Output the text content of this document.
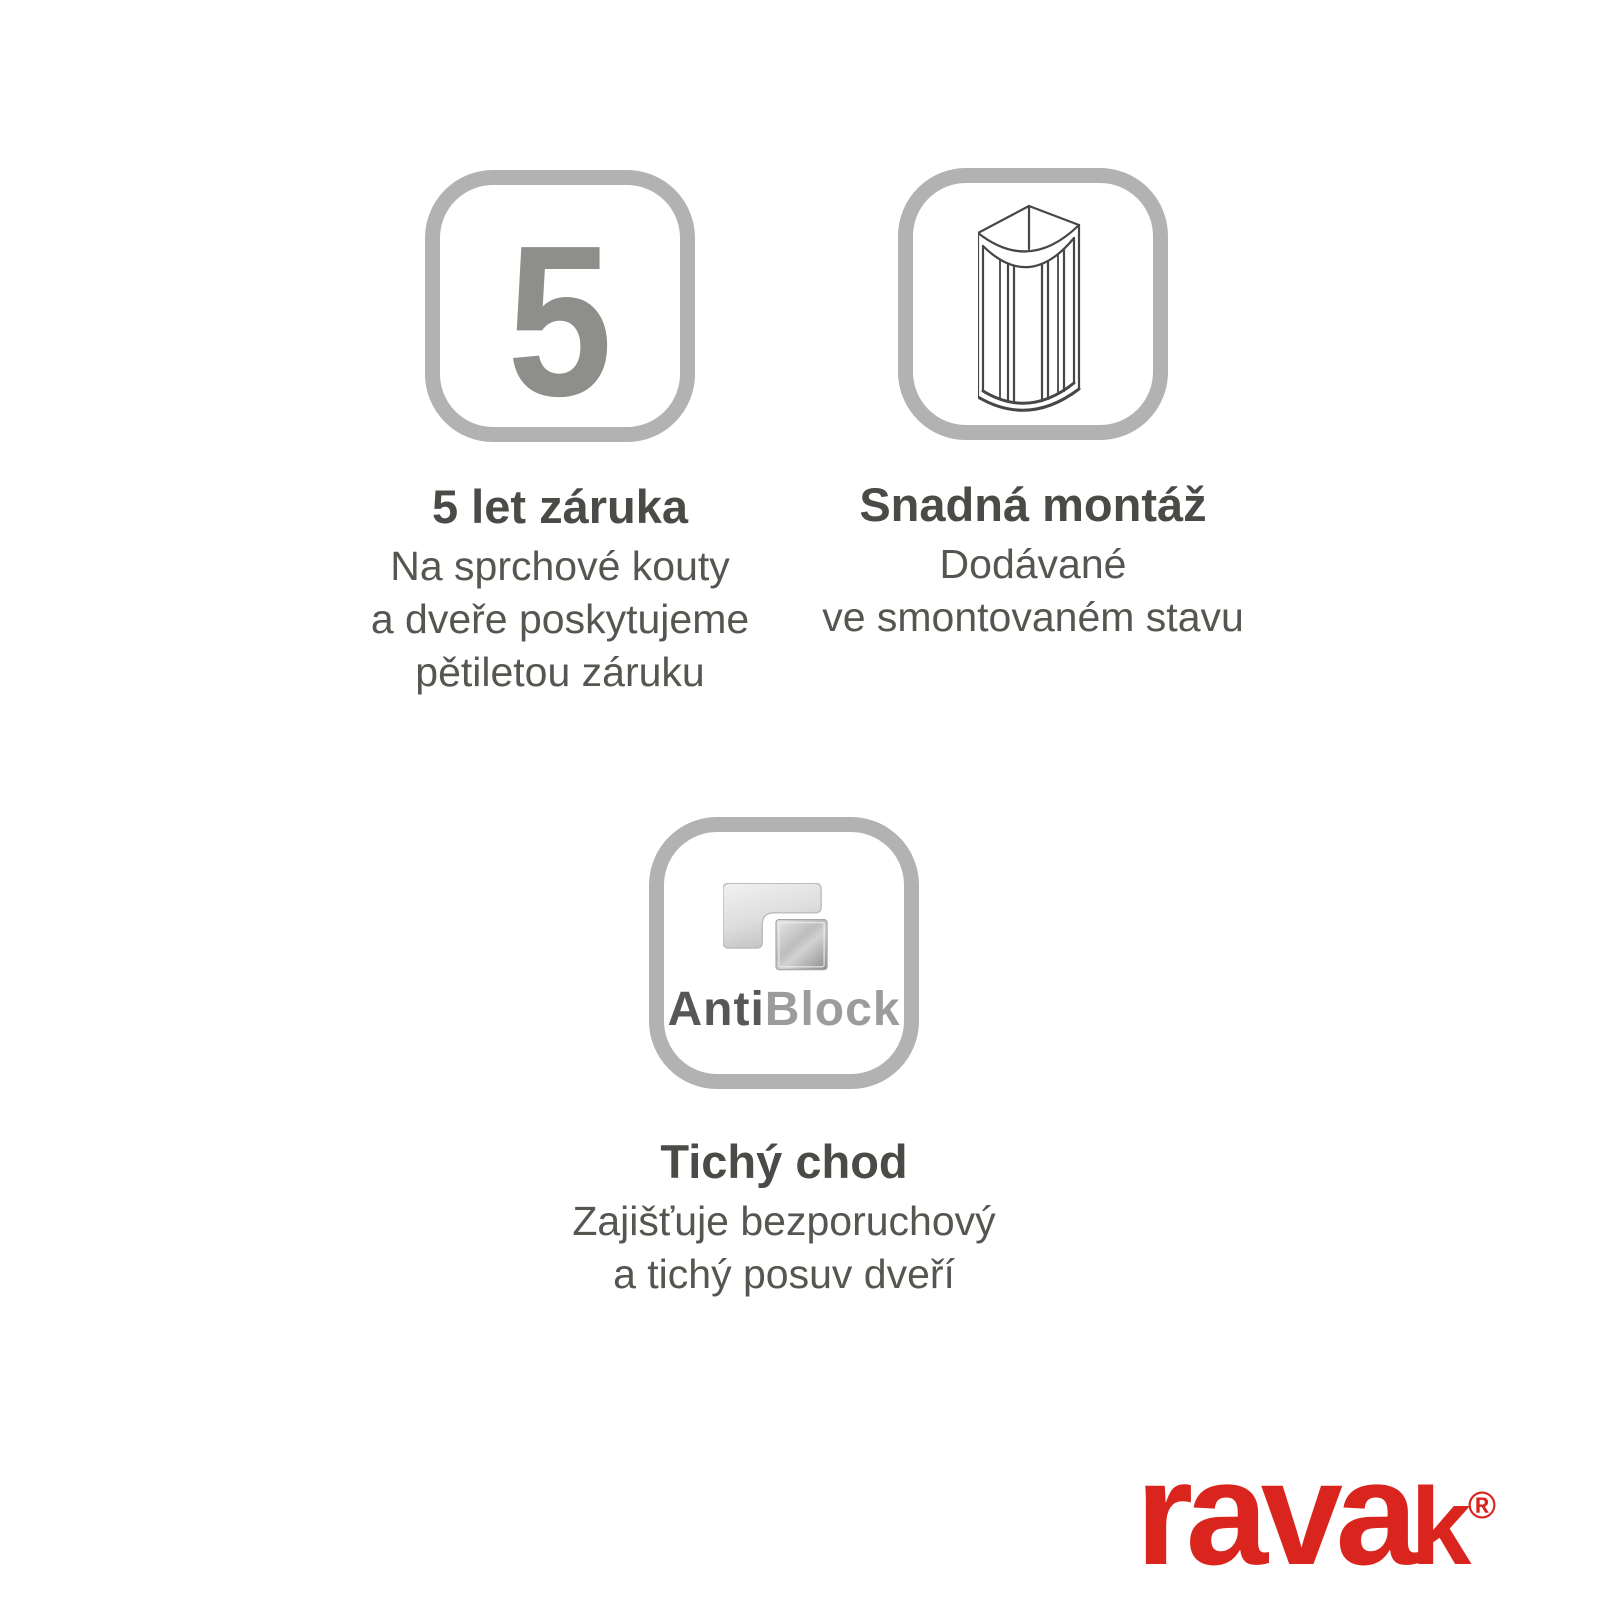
5
5 let záruka
Na sprchové kouty
a dveře poskytujeme
pětiletou záruku
Snadná montáž
Dodávané
ve smontovaném stavu
AntiBlock
Tichý chod
Zajišťuje bezporuchový
a tichý posuv dveří
ravak ®
